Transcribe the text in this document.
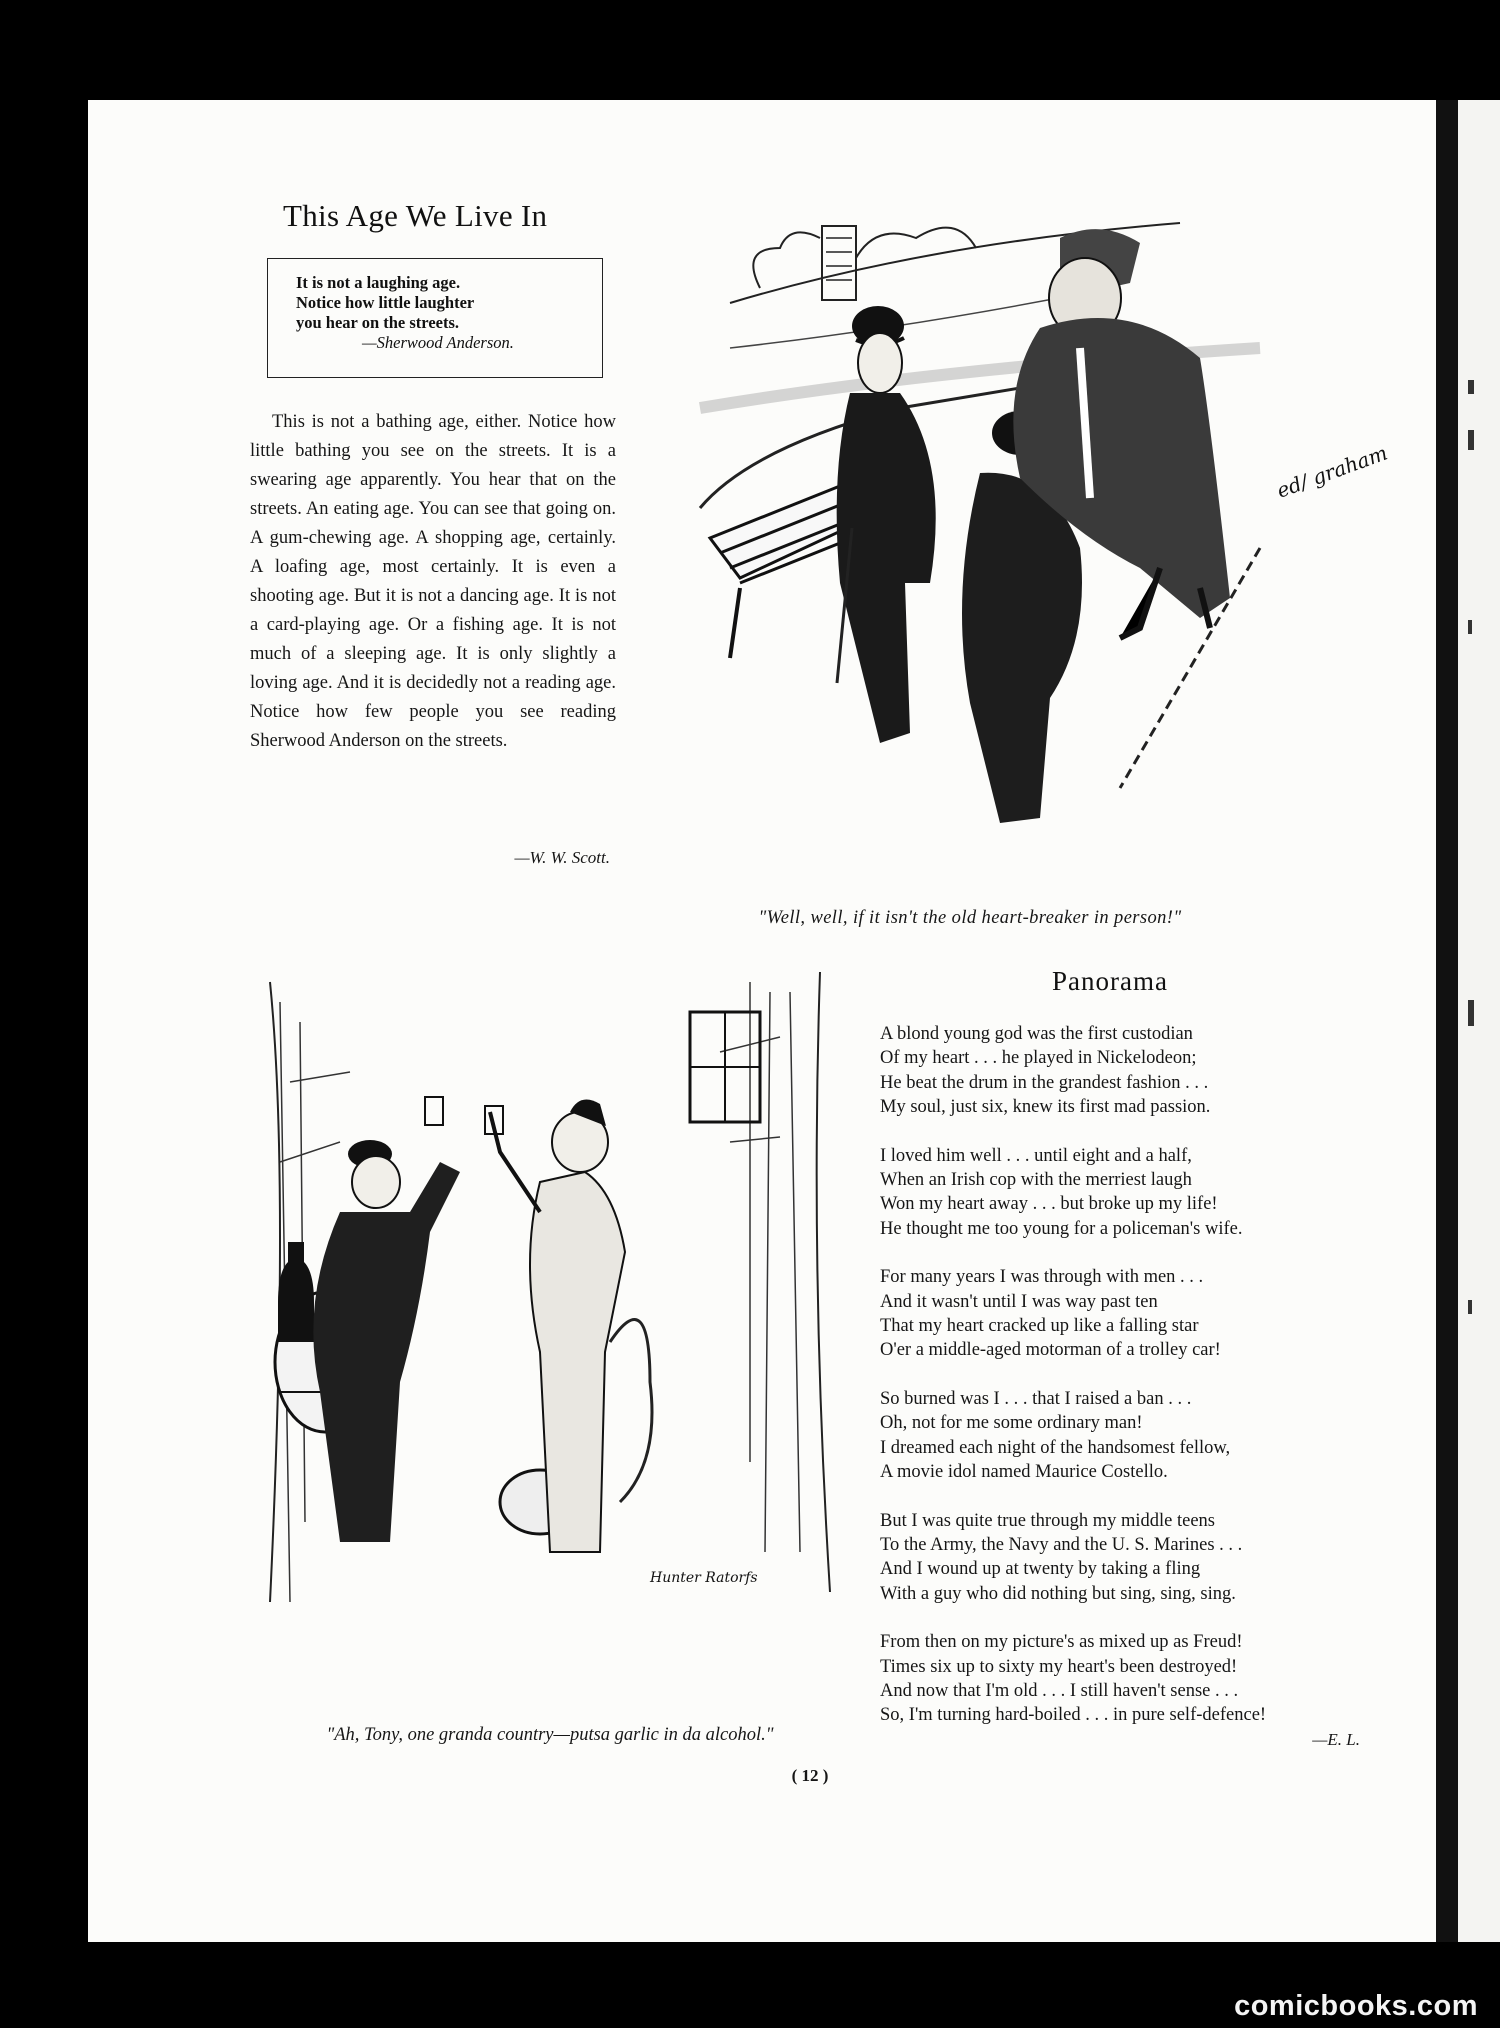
This Age We Live In
It is not a laughing age.
Notice how little laughter
you hear on the streets.
—Sherwood Anderson.
This is not a bathing age, either. Notice how little bathing you see on the streets. It is a swearing age apparently. You hear that on the streets. An eating age. You can see that going on. A gum-chewing age. A shopping age, certainly. A loafing age, most certainly. It is even a shooting age. But it is not a dancing age. It is not a card-playing age. Or a fishing age. It is not much of a sleeping age. It is only slightly a loving age. And it is decidedly not a reading age. Notice how few people you see reading Sherwood Anderson on the streets.
—W. W. Scott.
ed/ graham
"Well, well, if it isn't the old heart-breaker in person!"
Hunter Ratorfs
"Ah, Tony, one granda country—putsa garlic in da alcohol."
Panorama
A blond young god was the first custodian
Of my heart . . . he played in Nickelodeon;
He beat the drum in the grandest fashion . . .
My soul, just six, knew its first mad passion.
I loved him well . . . until eight and a half,
When an Irish cop with the merriest laugh
Won my heart away . . . but broke up my life!
He thought me too young for a policeman's wife.
For many years I was through with men . . .
And it wasn't until I was way past ten
That my heart cracked up like a falling star
O'er a middle-aged motorman of a trolley car!
So burned was I . . . that I raised a ban . . .
Oh, not for me some ordinary man!
I dreamed each night of the handsomest fellow,
A movie idol named Maurice Costello.
But I was quite true through my middle teens
To the Army, the Navy and the U. S. Marines . . .
And I wound up at twenty by taking a fling
With a guy who did nothing but sing, sing, sing.
From then on my picture's as mixed up as Freud!
Times six up to sixty my heart's been destroyed!
And now that I'm old . . . I still haven't sense . . .
So, I'm turning hard-boiled . . . in pure self-defence!
—E. L.
( 12 )
comicbooks.com
